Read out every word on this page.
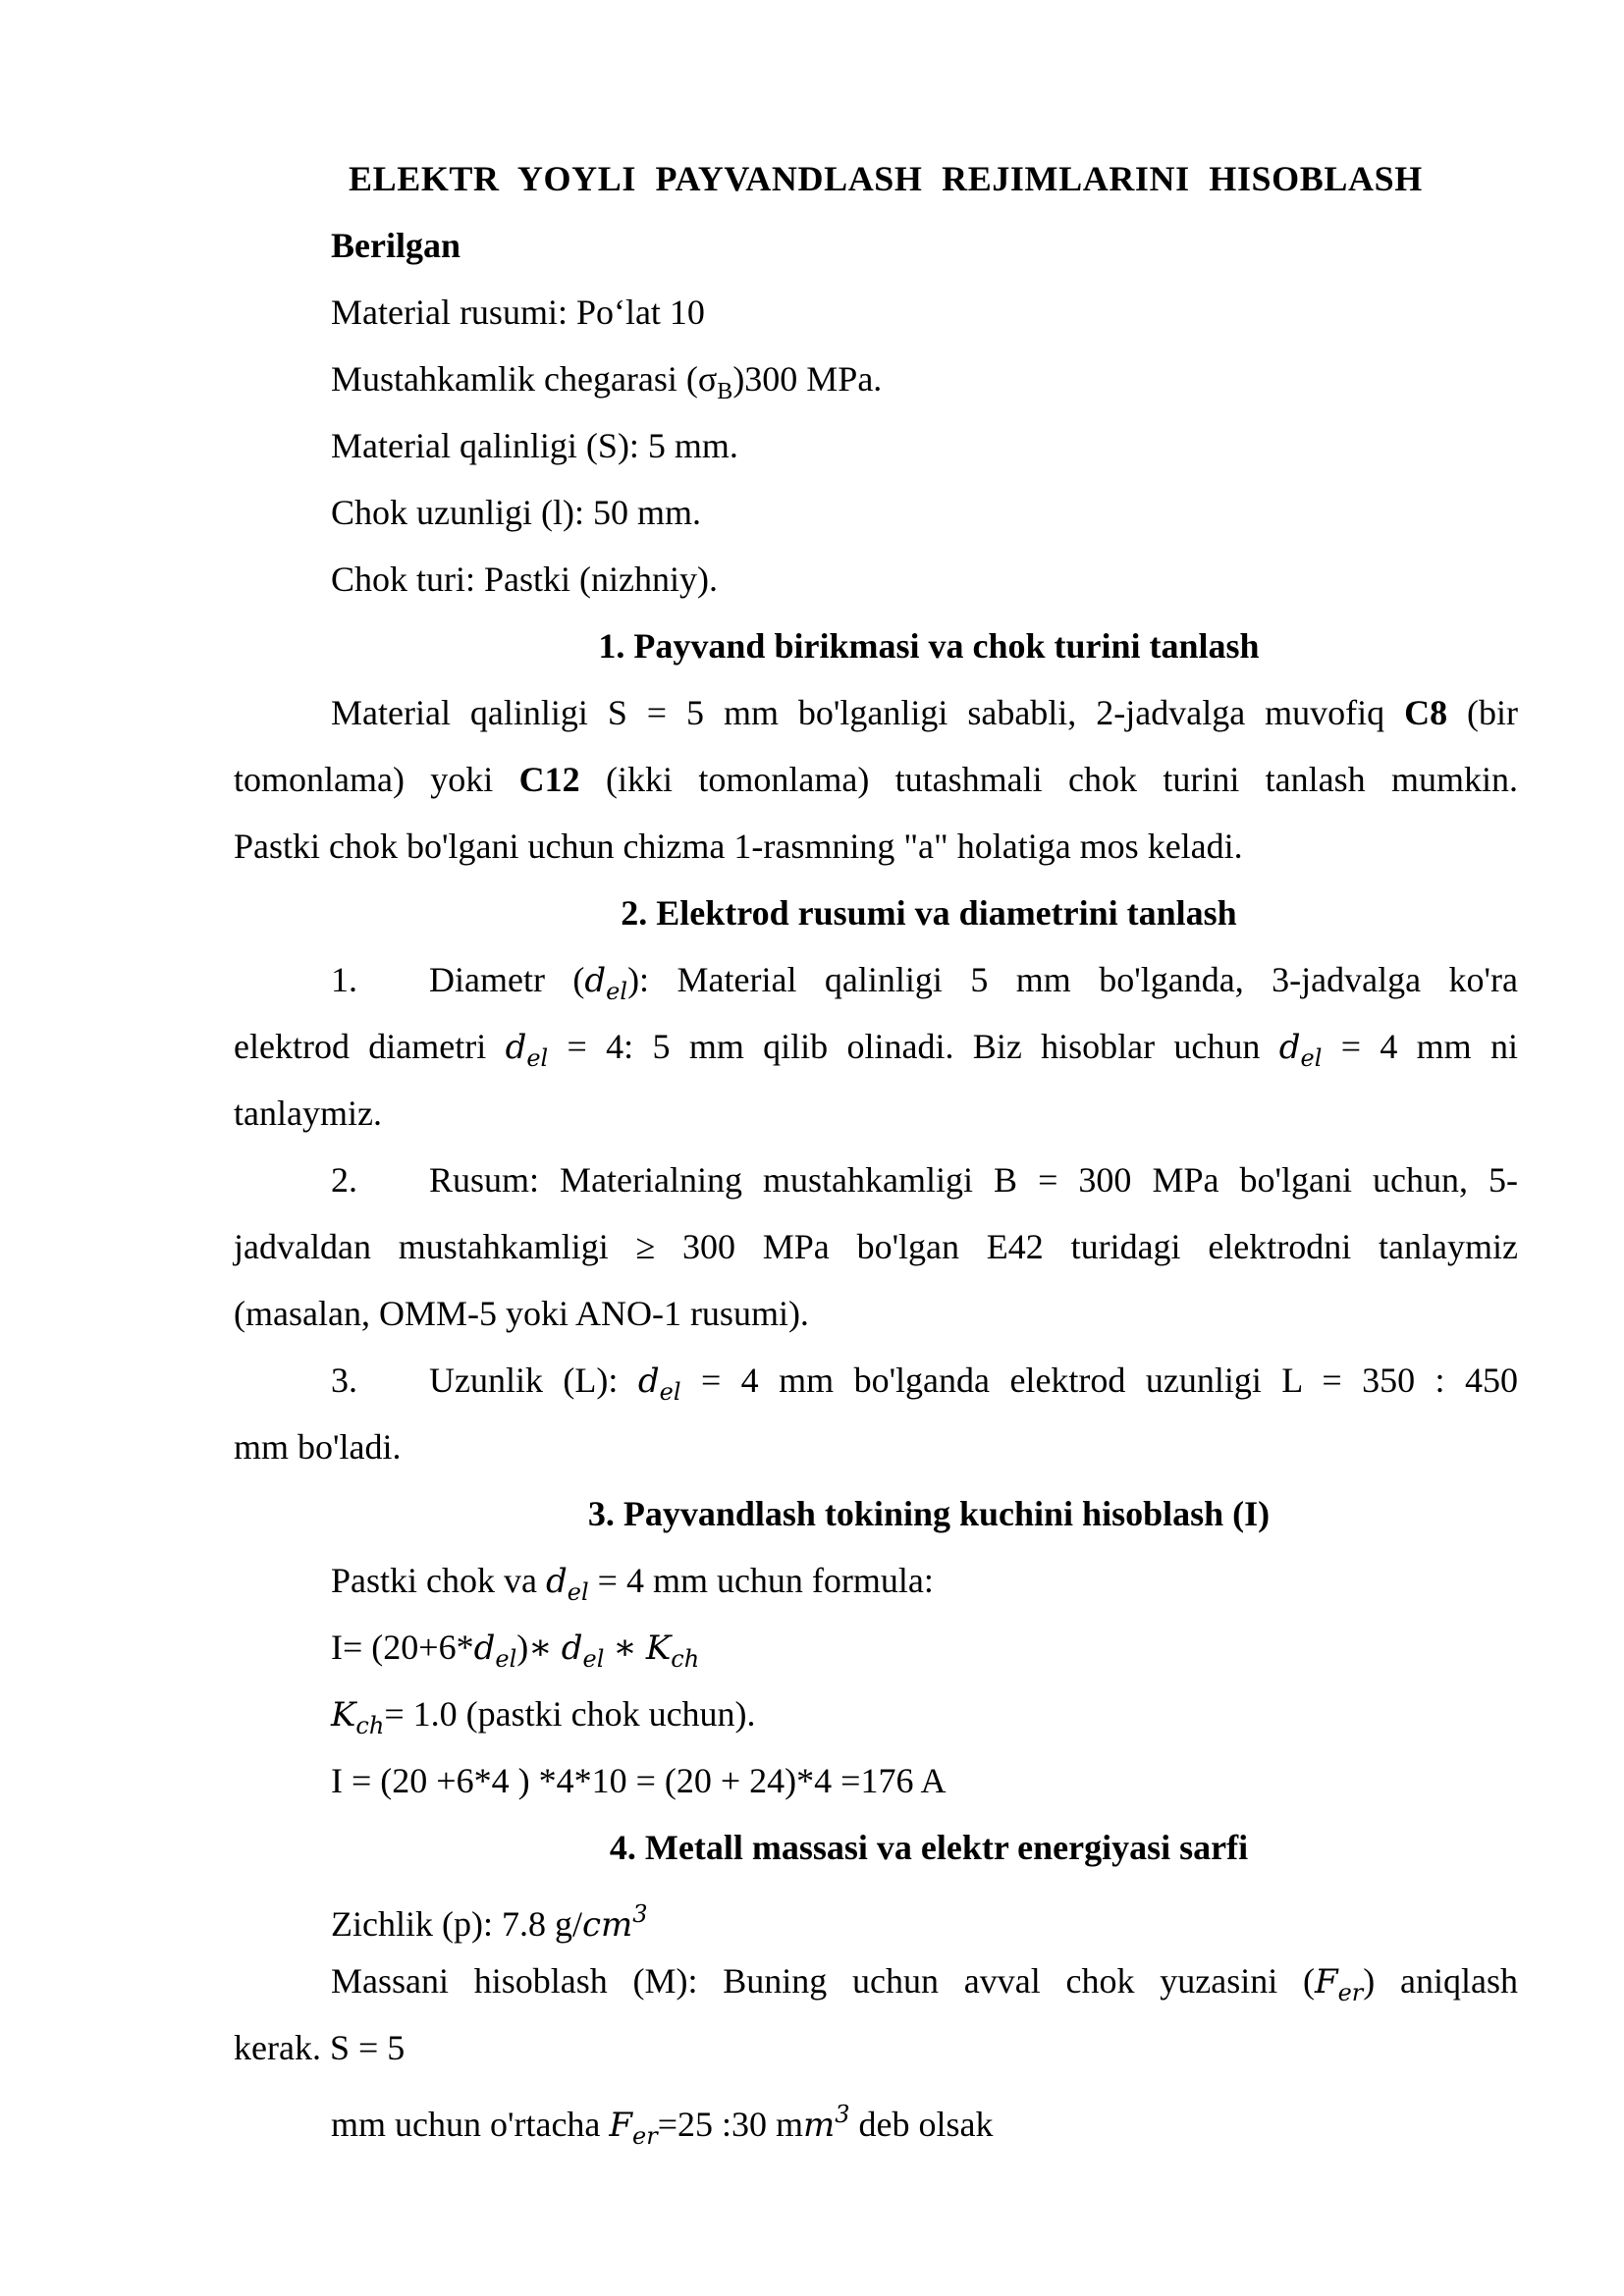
ELEKTR YOYLI PAYVANDLASH REJIMLARINI HISOBLASH
Berilgan
Material rusumi: Po‘lat 10
Mustahkamlik chegarasi $(\sigma_B)300$ MPa.
Material qalinligi (S): 5 mm.
Chok uzunligi (l): 50 mm.
Chok turi: Pastki (nizhniy).
1. Payvand birikmasi va chok turini tanlash
Material qalinligi S = 5 mm bo'lganligi sababli, 2-jadvalga muvofiq C8 (bir
tomonlama) yoki C12 (ikki tomonlama) tutashmali chok turini tanlash mumkin.
Pastki chok bo'lgani uchun chizma 1-rasmning "a" holatiga mos keladi.
2. Elektrod rusumi va diametrini tanlash
1. Diametr $(d_{el})$: Material qalinligi 5 mm bo'lganda, 3-jadvalga ko'ra
elektrod diametri $d_{el} = 4$: 5 mm qilib olinadi. Biz hisoblar uchun $d_{el} = 4$ mm ni
tanlaymiz.
2. Rusum: Materialning mustahkamligi B = 300 MPa bo'lgani uchun, 5-
jadvaldan mustahkamligi ≥ 300 MPa bo'lgan E42 turidagi elektrodni tanlaymiz
(masalan, OMM-5 yoki ANO-1 rusumi).
3. Uzunlik (L): $d_{el} = 4$ mm bo'lganda elektrod uzunligi L = 350 : 450
mm bo'ladi.
3. Payvandlash tokining kuchini hisoblash (I)
Pastki chok va $d_{el} = 4$ mm uchun formula:
$I= (20+6*d_{el})∗$ $d_{el}$ ∗ $K_{ch}$
$K_{ch}= 1.0$ (pastki chok uchun).
I = (20 +6*4 ) *4*10 = (20 + 24)*4 =176 A
4. Metall massasi va elektr energiyasi sarfi
Zichlik (p): 7.8 $g/cm^3$
Massani hisoblash (M): Buning uchun avval chok yuzasini $(F_{er})$ aniqlash
kerak. S = 5
mm uchun o'rtacha $F_{er}=25$ :30 $mm^3$ deb olsak
